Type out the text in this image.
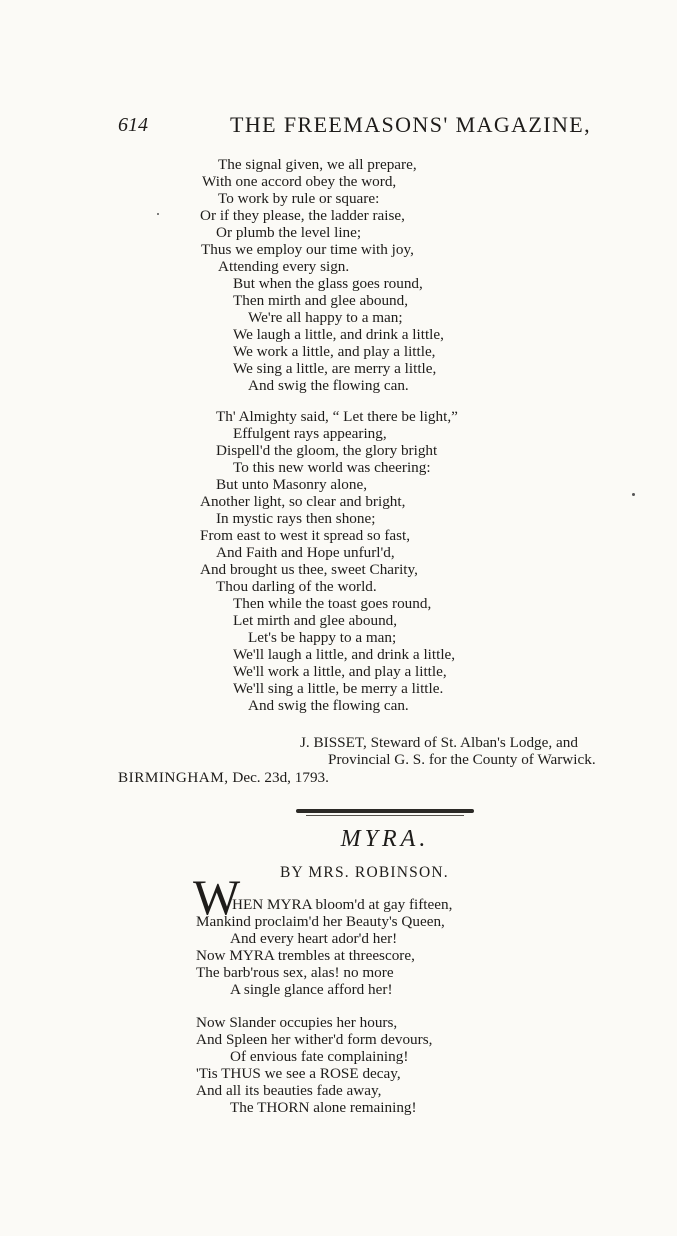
614	THE FREEMASONS' MAGAZINE,
The signal given, we all prepare,
With one accord obey the word,
To work by rule or square:
Or if they please, the ladder raise,
Or plumb the level line;
Thus we employ our time with joy,
Attending every sign.
But when the glass goes round,
Then mirth and glee abound,
We're all happy to a man;
We laugh a little, and drink a little,
We work a little, and play a little,
We sing a little, are merry a little,
And swig the flowing can.
Th' Almighty said, “ Let there be light,”
Effulgent rays appearing,
Dispell'd the gloom, the glory bright
To this new world was cheering:
But unto Masonry alone,
Another light, so clear and bright,
In mystic rays then shone;
From east to west it spread so fast,
And Faith and Hope unfurl'd,
And brought us thee, sweet Charity,
Thou darling of the world.
Then while the toast goes round,
Let mirth and glee abound,
Let's be happy to a man;
We'll laugh a little, and drink a little,
We'll work a little, and play a little,
We'll sing a little, be merry a little.
And swig the flowing can.
J. BISSET, Steward of St. Alban's Lodge, and
Provincial G. S. for the County of Warwick.
BIRMINGHAM, Dec. 23d, 1793.
MYRA.
BY MRS. ROBINSON.
W
HEN MYRA bloom'd at gay fifteen,
Mankind proclaim'd her Beauty's Queen,
And every heart ador'd her!
Now MYRA trembles at threescore,
The barb'rous sex, alas! no more
A single glance afford her!
Now Slander occupies her hours,
And Spleen her wither'd form devours,
Of envious fate complaining!
'Tis THUS we see a ROSE decay,
And all its beauties fade away,
The THORN alone remaining!
